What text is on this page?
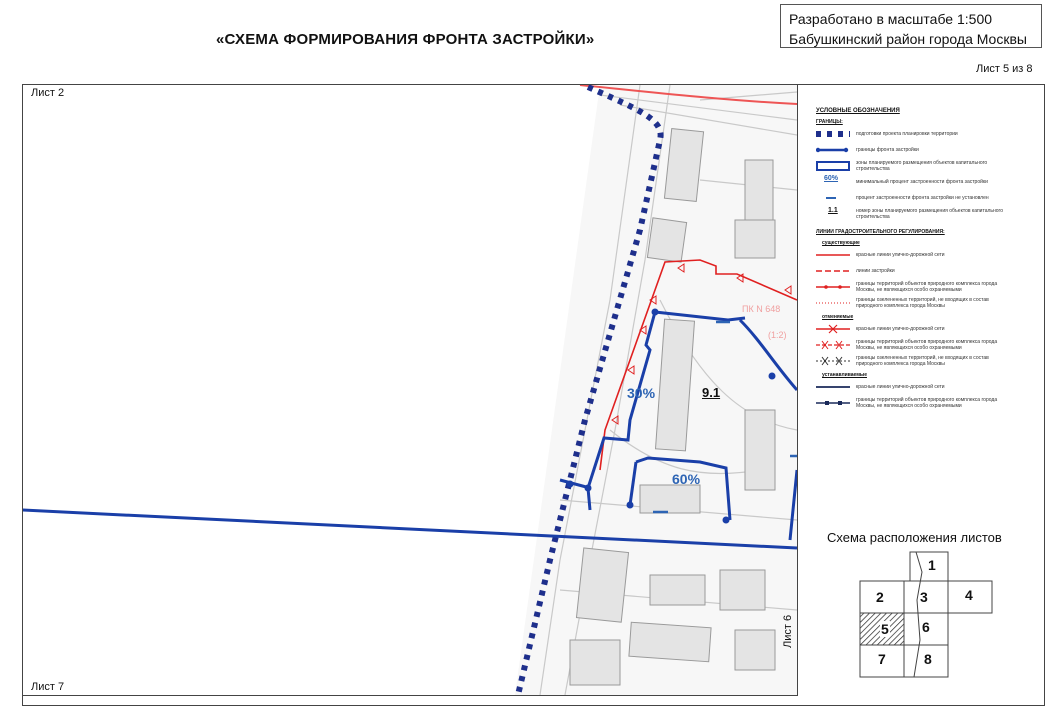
«СХЕМА ФОРМИРОВАНИЯ ФРОНТА ЗАСТРОЙКИ»
Разработано в масштабе 1:500
Бабушкинский район города Москвы
Лист 5 из 8
Лист 2
Лист 7
Лист 6
9.1
30%
60%
ПК N 648
(1:2)
УСЛОВНЫЕ ОБОЗНАЧЕНИЯ
ГРАНИЦЫ:
подготовки проекта планировки территории
границы фронта застройки
зоны планируемого размещения объектов капитального строительства
60%	минимальный процент застроенности фронта застройки
процент застроенности фронта застройки не установлен
1.1	номер зоны планируемого размещения объектов капитального строительства
ЛИНИИ ГРАДОСТРОИТЕЛЬНОГО РЕГУЛИРОВАНИЯ:
существующие
красные линии улично-дорожной сети
линии застройки
границы территорий объектов природного комплекса города Москвы, не являющихся особо охраняемыми
границы озелененных территорий, не входящих в состав природного комплекса города Москвы
отменяемые
красные линии улично-дорожной сети
границы территорий объектов природного комплекса города Москвы, не являющихся особо охраняемыми
границы озелененных территорий, не входящих в состав природного комплекса города Москвы
устанавливаемые
красные линии улично-дорожной сети
границы территорий объектов природного комплекса города Москвы, не являющихся особо охраняемыми
Схема расположения листов
1
2	3	4
5 6
7	8
